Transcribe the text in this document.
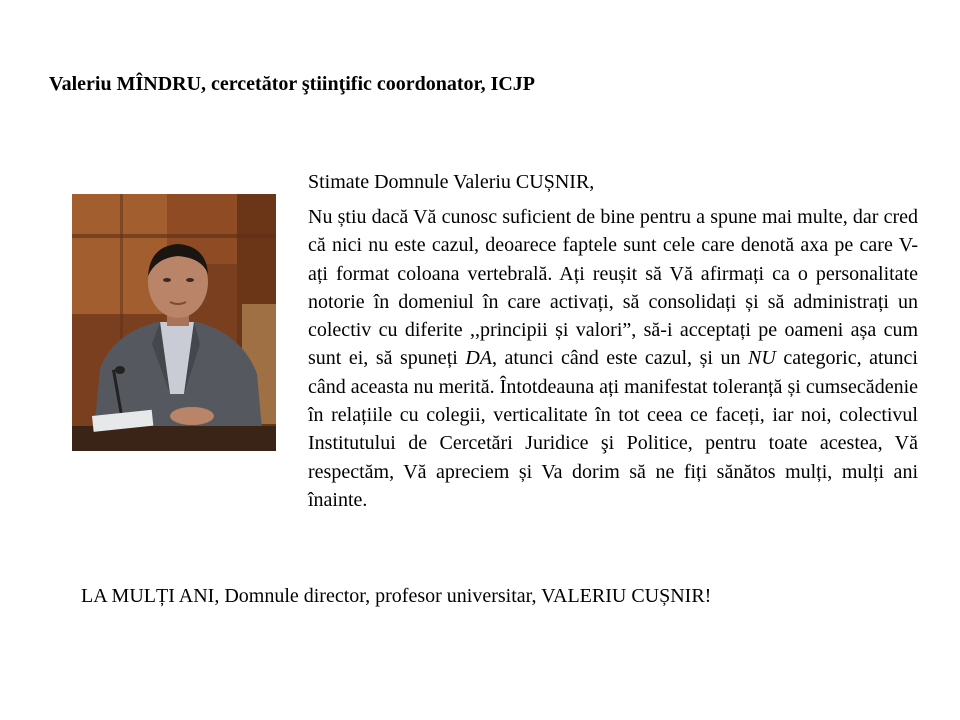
Valeriu MÎNDRU, cercetător ştiinţific coordonator, ICJP
Stimate Domnule Valeriu CUȘNIR,

Nu știu dacă Vă cunosc suficient de bine pentru a spune mai multe, dar cred că nici nu este cazul, deoarece faptele sunt cele care denotă axa pe care V-ați format coloana vertebrală. Ați reușit să Vă afirmați ca o personalitate notorie în domeniul în care activați, să consolidați și să administrați un colectiv cu diferite ,,principii și valori”, să-i acceptați pe oameni așa cum sunt ei, să spuneți DA, atunci când este cazul, și un NU categoric, atunci când aceasta nu merită. Întotdeauna ați manifestat toleranță și cumsecădenie în relațiile cu colegii, verticalitate în tot ceea ce faceți, iar noi, colectivul Institutului de Cercetări Juridice şi Politice, pentru toate acestea, Vă respectăm, Vă apreciem și Va dorim să ne fiți sănătos mulți, mulți ani înainte.

LA MULȚI ANI, Domnule director, profesor universitar, VALERIU CUȘNIR!
